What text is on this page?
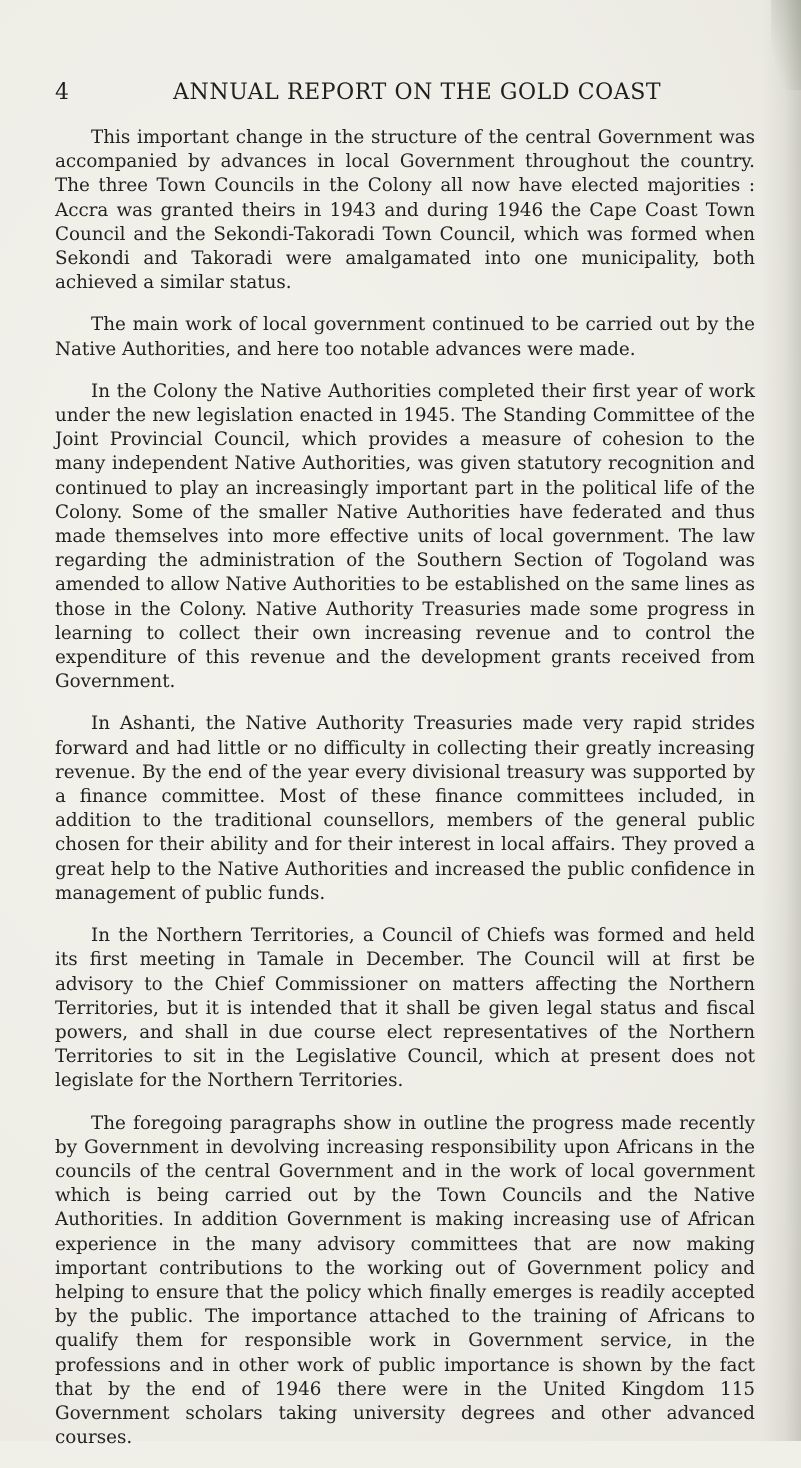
4	ANNUAL REPORT ON THE GOLD COAST

This important change in the structure of the central Government was accompanied by advances in local Government throughout the country. The three Town Councils in the Colony all now have elected majorities : Accra was granted theirs in 1943 and during 1946 the Cape Coast Town Council and the Sekondi-Takoradi Town Council, which was formed when Sekondi and Takoradi were amalgamated into one municipality, both achieved a similar status.

The main work of local government continued to be carried out by the Native Authorities, and here too notable advances were made.

In the Colony the Native Authorities completed their first year of work under the new legislation enacted in 1945. The Standing Committee of the Joint Provincial Council, which provides a measure of cohesion to the many independent Native Authorities, was given statutory recognition and continued to play an increasingly important part in the political life of the Colony. Some of the smaller Native Authorities have federated and thus made themselves into more effective units of local government. The law regarding the administration of the Southern Section of Togoland was amended to allow Native Authorities to be established on the same lines as those in the Colony. Native Authority Treasuries made some progress in learning to collect their own increasing revenue and to control the expenditure of this revenue and the development grants received from Government.

In Ashanti, the Native Authority Treasuries made very rapid strides forward and had little or no difficulty in collecting their greatly increasing revenue. By the end of the year every divisional treasury was supported by a finance committee. Most of these finance committees included, in addition to the traditional counsellors, members of the general public chosen for their ability and for their interest in local affairs. They proved a great help to the Native Authorities and increased the public confidence in management of public funds.

In the Northern Territories, a Council of Chiefs was formed and held its first meeting in Tamale in December. The Council will at first be advisory to the Chief Commissioner on matters affecting the Northern Territories, but it is intended that it shall be given legal status and fiscal powers, and shall in due course elect representatives of the Northern Territories to sit in the Legislative Council, which at present does not legislate for the Northern Territories.

The foregoing paragraphs show in outline the progress made recently by Government in devolving increasing responsibility upon Africans in the councils of the central Government and in the work of local government which is being carried out by the Town Councils and the Native Authorities. In addition Government is making increasing use of African experience in the many advisory committees that are now making important contributions to the working out of Government policy and helping to ensure that the policy which finally emerges is readily accepted by the public. The importance attached to the training of Africans to qualify them for responsible work in Government service, in the professions and in other work of public importance is shown by the fact that by the end of 1946 there were in the United Kingdom 115 Government scholars taking university degrees and other advanced courses.
